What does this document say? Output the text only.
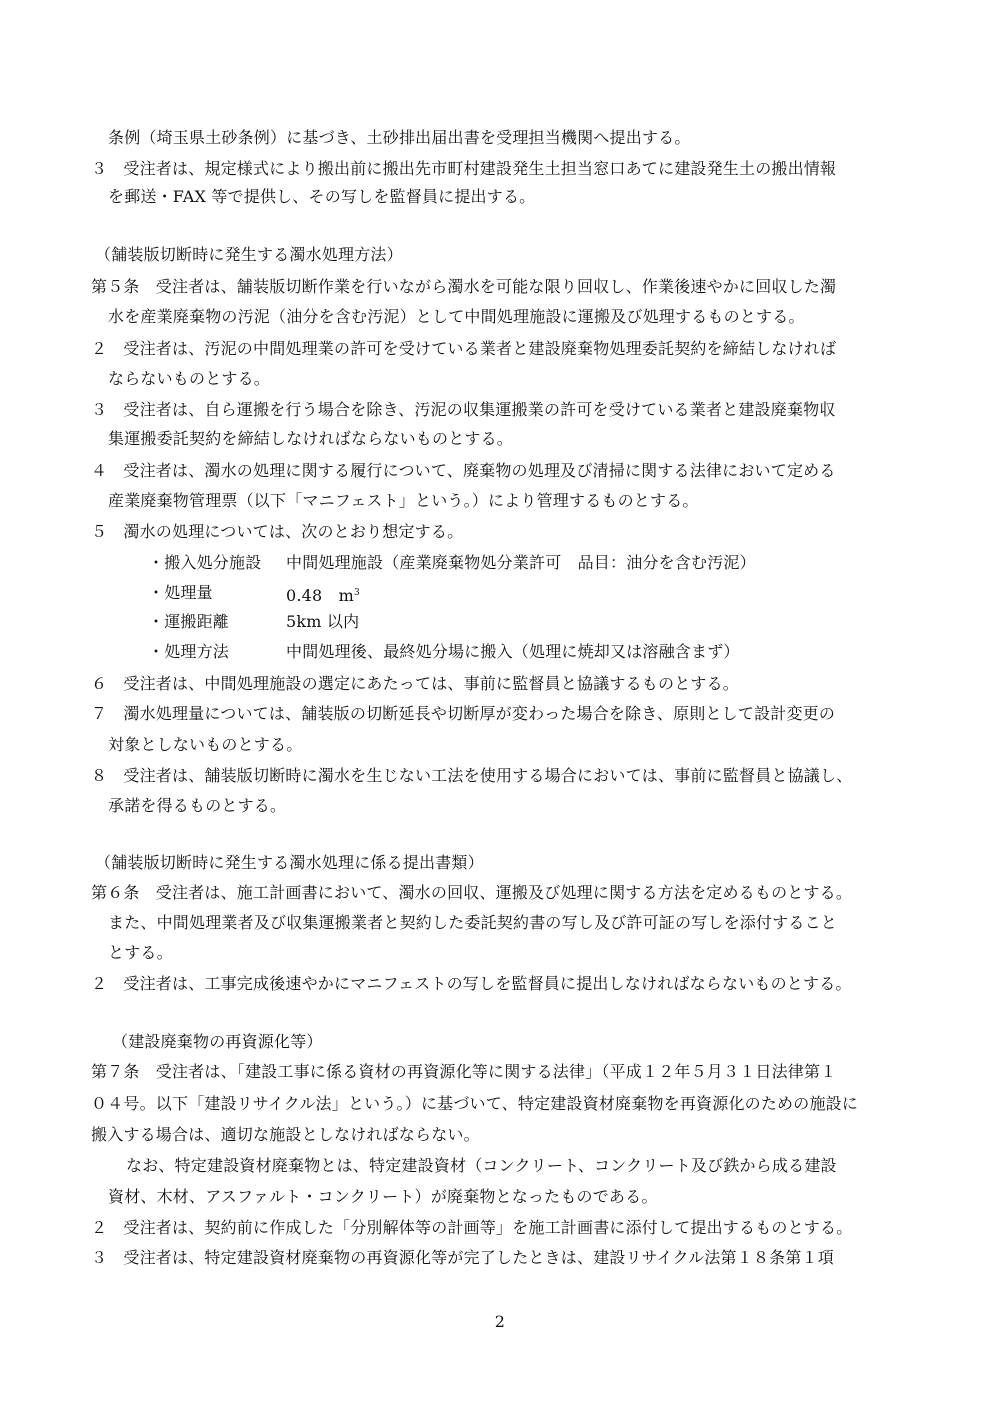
条例（埼玉県土砂条例）に基づき、土砂排出届出書を受理担当機関へ提出する。
３　受注者は、規定様式により搬出前に搬出先市町村建設発生土担当窓口あてに建設発生土の搬出情報
を郵送・FAX 等で提供し、その写しを監督員に提出する。
（舗装版切断時に発生する濁水処理方法）
第５条　受注者は、舗装版切断作業を行いながら濁水を可能な限り回収し、作業後速やかに回収した濁
水を産業廃棄物の汚泥（油分を含む汚泥）として中間処理施設に運搬及び処理するものとする。
２　受注者は、汚泥の中間処理業の許可を受けている業者と建設廃棄物処理委託契約を締結しなければ
ならないものとする。
３　受注者は、自ら運搬を行う場合を除き、汚泥の収集運搬業の許可を受けている業者と建設廃棄物収
集運搬委託契約を締結しなければならないものとする。
４　受注者は、濁水の処理に関する履行について、廃棄物の処理及び清掃に関する法律において定める
産業廃棄物管理票（以下「マニフェスト」という。）により管理するものとする。
５　濁水の処理については、次のとおり想定する。
・搬入処分施設 中間処理施設（産業廃棄物処分業許可　品目：油分を含む汚泥）
・処理量	0.48　$m^3$
・運搬距離	5km 以内
・処理方法	中間処理後、最終処分場に搬入（処理に焼却又は溶融含まず）
６　受注者は、中間処理施設の選定にあたっては、事前に監督員と協議するものとする。
７　濁水処理量については、舗装版の切断延長や切断厚が変わった場合を除き、原則として設計変更の
対象としないものとする。
８　受注者は、舗装版切断時に濁水を生じない工法を使用する場合においては、事前に監督員と協議し、
承諾を得るものとする。
（舗装版切断時に発生する濁水処理に係る提出書類）
第６条　受注者は、施工計画書において、濁水の回収、運搬及び処理に関する方法を定めるものとする。
また、中間処理業者及び収集運搬業者と契約した委託契約書の写し及び許可証の写しを添付すること
とする。
２　受注者は、工事完成後速やかにマニフェストの写しを監督員に提出しなければならないものとする。
（建設廃棄物の再資源化等）
第７条　受注者は、「建設工事に係る資材の再資源化等に関する法律」（平成１２年５月３１日法律第１
０４号。以下「建設リサイクル法」という。）に基づいて、特定建設資材廃棄物を再資源化のための施設に
搬入する場合は、適切な施設としなければならない。
なお、特定建設資材廃棄物とは、特定建設資材（コンクリート、コンクリート及び鉄から成る建設
資材、木材、アスファルト・コンクリート）が廃棄物となったものである。
２　受注者は、契約前に作成した「分別解体等の計画等」を施工計画書に添付して提出するものとする。
３　受注者は、特定建設資材廃棄物の再資源化等が完了したときは、建設リサイクル法第１８条第１項
2
